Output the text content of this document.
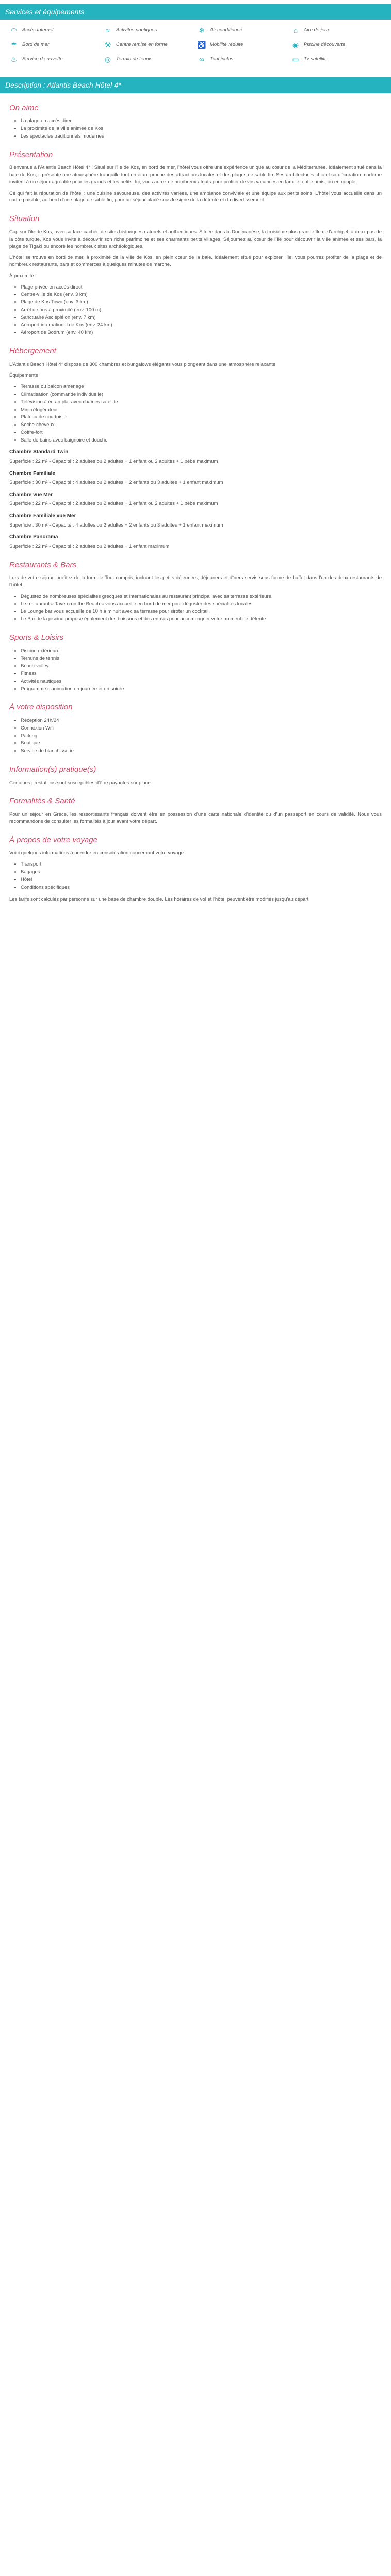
Services et équipements
◠	Accès Internet	≈	Activités nautiques	❄	Air conditionné	⌂	Aire de jeux
☂ Bord de mer	⚒ Centre remise en forme	♿ Mobilité réduite	◉	Piscine découverte
♨ Service de navette	◎	Terrain de tennis	∞	Tout inclus	▭ Tv satellite
Description : Atlantis Beach Hôtel 4*
On aime
• La plage en accès direct
• La proximité de la ville animée de Kos
• Les spectacles traditionnels modernes
Présentation

Bienvenue à l'Atlantis Beach Hôtel 4* ! Situé sur l'île de Kos, en bord de mer, l'hôtel vous offre une expérience unique au cœur de la Méditerranée. Idéalement situé dans la baie de Kos, il présente une atmosphère tranquille tout en étant proche des attractions locales et des plages de sable fin. Ses architectures chic et sa décoration moderne invitent à un séjour agréable pour les grands et les petits. Ici, vous aurez de nombreux atouts pour profiter de vos vacances en famille, entre amis, ou en couple.

Ce qui fait la réputation de l'hôtel : une cuisine savoureuse, des activités variées, une ambiance conviviale et une équipe aux petits soins. L'hôtel vous accueille dans un cadre paisible, au bord d'une plage de sable fin, pour un séjour placé sous le signe de la détente et du divertissement.

Situation

Cap sur l'île de Kos, avec sa face cachée de sites historiques naturels et authentiques. Située dans le Dodécanèse, la troisième plus grande île de l'archipel, à deux pas de la côte turque, Kos vous invite à découvrir son riche patrimoine et ses charmants petits villages. Séjournez au cœur de l'île pour découvrir la ville animée et ses bars, la plage de Tigaki ou encore les nombreux sites archéologiques.

L'hôtel se trouve en bord de mer, à proximité de la ville de Kos, en plein cœur de la baie. Idéalement situé pour explorer l'île, vous pourrez profiter de la plage et de nombreux restaurants, bars et commerces à quelques minutes de marche.

À proximité :

• Plage privée en accès direct
• Centre-ville de Kos (env. 3 km)
• Plage de Kos Town (env. 3 km)
• Arrêt de bus à proximité (env. 100 m)
• Sanctuaire Asclépiéion (env. 7 km)
• Aéroport international de Kos (env. 24 km)
• Aéroport de Bodrum (env. 40 km)
Hébergement

L'Atlantis Beach Hôtel 4* dispose de 300 chambres et bungalows élégants vous plongeant dans une atmosphère relaxante.

Équipements :

• Terrasse ou balcon aménagé
• Climatisation (commande individuelle)
• Télévision à écran plat avec chaînes satellite
• Mini-réfrigérateur
• Plateau de courtoisie
• Sèche-cheveux
• Coffre-fort
• Salle de bains avec baignoire et douche
Chambre Standard Twin

Superficie : 22 m² - Capacité : 2 adultes ou 2 adultes + 1 enfant ou 2 adultes + 1 bébé maximum

Chambre Familiale

Superficie : 30 m² - Capacité : 4 adultes ou 2 adultes + 2 enfants ou 3 adultes + 1 enfant maximum

Chambre vue Mer

Superficie : 22 m² - Capacité : 2 adultes ou 2 adultes + 1 enfant ou 2 adultes + 1 bébé maximum

Chambre Familiale vue Mer

Superficie : 30 m² - Capacité : 4 adultes ou 2 adultes + 2 enfants ou 3 adultes + 1 enfant maximum

Chambre Panorama

Superficie : 22 m² - Capacité : 2 adultes ou 2 adultes + 1 enfant maximum

Restaurants & Bars

Lors de votre séjour, profitez de la formule Tout compris, incluant les petits-déjeuners, déjeuners et dîners servis sous forme de buffet dans l'un des deux restaurants de l'hôtel.

• Dégustez de nombreuses spécialités grecques et internationales au restaurant principal avec sa terrasse extérieure.
• Le restaurant « Tavern on the Beach » vous accueille en bord de mer pour déguster des spécialités locales.
• Le Lounge bar vous accueille de 10 h à minuit avec sa terrasse pour siroter un cocktail.
• Le Bar de la piscine propose également des boissons et des en-cas pour accompagner votre moment de détente.
Sports & Loisirs
• Piscine extérieure
• Terrains de tennis
• Beach-volley
• Fitness
• Activités nautiques
• Programme d'animation en journée et en soirée
À votre disposition
• Réception 24h/24
• Connexion Wifi
• Parking
• Boutique
• Service de blanchisserie
Information(s) pratique(s)

Certaines prestations sont susceptibles d'être payantes sur place.

Formalités & Santé

Pour un séjour en Grèce, les ressortissants français doivent être en possession d'une carte nationale d'identité ou d'un passeport en cours de validité. Nous vous recommandons de consulter les formalités à jour avant votre départ.

À propos de votre voyage

Voici quelques informations à prendre en considération concernant votre voyage.

• Transport
• Bagages
• Hôtel
• Conditions spécifiques

Les tarifs sont calculés par personne sur une base de chambre double. Les horaires de vol et l'hôtel peuvent être modifiés jusqu'au départ.
